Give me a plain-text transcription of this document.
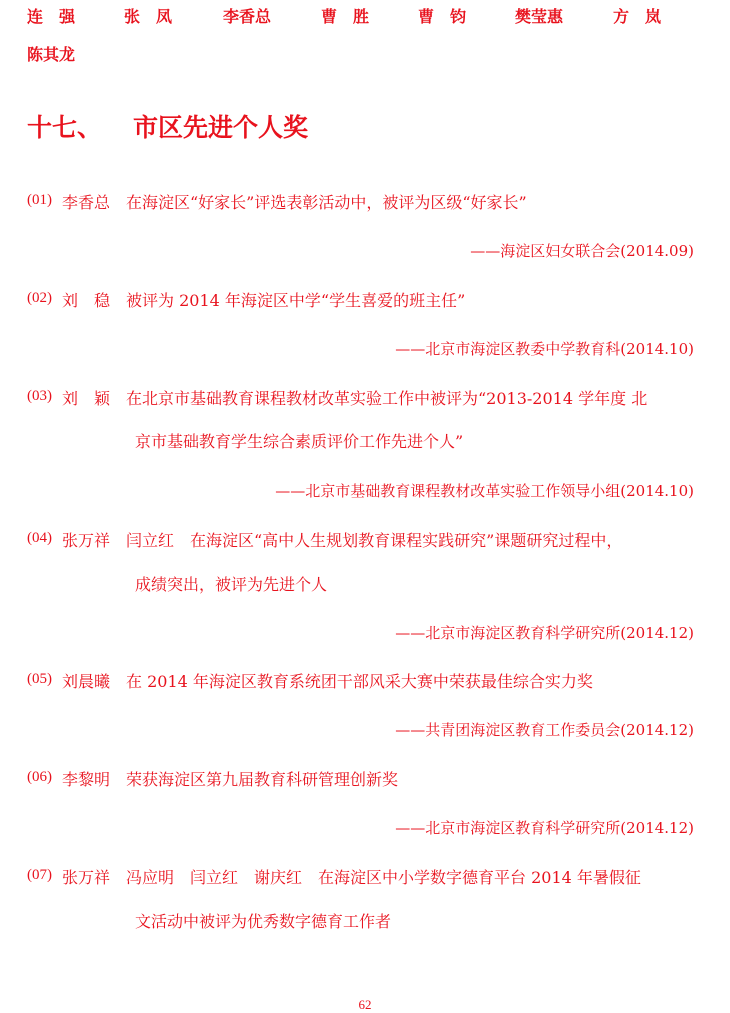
连　强	张　凤	李香总	曹　胜	曹　钧	樊莹惠	方　岚
陈其龙
十七、 市区先进个人奖
(01) 李香总　在海淀区“好家长”评选表彰活动中，被评为区级“好家长”
——海淀区妇女联合会(2014.09)
(02) 刘　稳　被评为 2014 年海淀区中学“学生喜爱的班主任”
——北京市海淀区教委中学教育科(2014.10)
(03) 刘　颖　在北京市基础教育课程教材改革实验工作中被评为“2013-2014 学年度 北
京市基础教育学生综合素质评价工作先进个人”
——北京市基础教育课程教材改革实验工作领导小组(2014.10)
(04) 张万祥　闫立红　在海淀区“高中人生规划教育课程实践研究”课题研究过程中，
成绩突出，被评为先进个人
——北京市海淀区教育科学研究所(2014.12)
(05) 刘晨曦　在 2014 年海淀区教育系统团干部风采大赛中荣获最佳综合实力奖
——共青团海淀区教育工作委员会(2014.12)
(06) 李黎明　荣获海淀区第九届教育科研管理创新奖
——北京市海淀区教育科学研究所(2014.12)
(07) 张万祥　冯应明　闫立红　谢庆红　在海淀区中小学数字德育平台 2014 年暑假征
文活动中被评为优秀数字德育工作者
62
